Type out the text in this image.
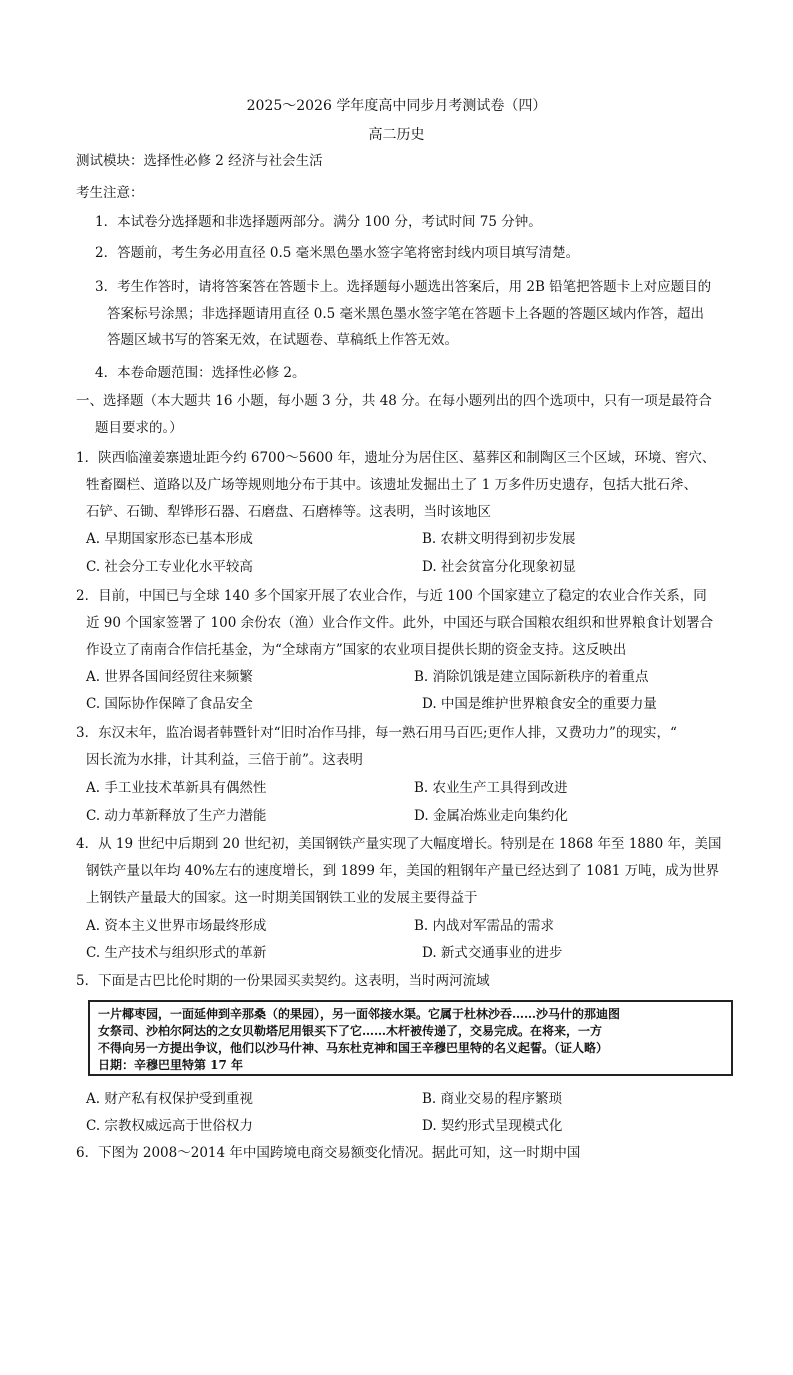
2025～2026 学年度高中同步月考测试卷（四）
高二历史
测试模块：选择性必修 2 经济与社会生活
考生注意：
1．本试卷分选择题和非选择题两部分。满分 100 分，考试时间 75 分钟。
2．答题前，考生务必用直径 0.5 毫米黑色墨水签字笔将密封线内项目填写清楚。
3．考生作答时，请将答案答在答题卡上。选择题每小题选出答案后，用 2B 铅笔把答题卡上对应题目的
答案标号涂黑；非选择题请用直径 0.5 毫米黑色墨水签字笔在答题卡上各题的答题区域内作答，超出
答题区域书写的答案无效，在试题卷、草稿纸上作答无效。
4．本卷命题范围：选择性必修 2。
一、选择题（本大题共 16 小题，每小题 3 分，共 48 分。在每小题列出的四个选项中，只有一项是最符合
题目要求的。）
1．陕西临潼姜寨遗址距今约 6700～5600 年，遗址分为居住区、墓葬区和制陶区三个区域，环境、窖穴、
牲畜圈栏、道路以及广场等规则地分布于其中。该遗址发掘出土了 1 万多件历史遗存，包括大批石斧、
石铲、石锄、犁铧形石器、石磨盘、石磨棒等。这表明，当时该地区
A. 早期国家形态已基本形成	B. 农耕文明得到初步发展
C. 社会分工专业化水平较高	D. 社会贫富分化现象初显
2．目前，中国已与全球 140 多个国家开展了农业合作，与近 100 个国家建立了稳定的农业合作关系，同
近 90 个国家签署了 100 余份农（渔）业合作文件。此外，中国还与联合国粮农组织和世界粮食计划署合
作设立了南南合作信托基金，为“全球南方”国家的农业项目提供长期的资金支持。这反映出
A. 世界各国间经贸往来频繁	B. 消除饥饿是建立国际新秩序的着重点
C. 国际协作保障了食品安全	D. 中国是维护世界粮食安全的重要力量
3．东汉末年，监冶谒者韩暨针对“旧时冶作马排，每一熟石用马百匹;更作人排，又费功力”的现实，“
因长流为水排，计其利益，三倍于前”。这表明
A. 手工业技术革新具有偶然性	B. 农业生产工具得到改进
C. 动力革新释放了生产力潜能	D. 金属冶炼业走向集约化
4．从 19 世纪中后期到 20 世纪初，美国钢铁产量实现了大幅度增长。特别是在 1868 年至 1880 年，美国
钢铁产量以年均 40%左右的速度增长，到 1899 年，美国的粗钢年产量已经达到了 1081 万吨，成为世界
上钢铁产量最大的国家。这一时期美国钢铁工业的发展主要得益于
A. 资本主义世界市场最终形成	B. 内战对军需品的需求
C. 生产技术与组织形式的革新	D. 新式交通事业的进步
5．下面是古巴比伦时期的一份果园买卖契约。这表明，当时两河流域
一片椰枣园，一面延伸到辛那桑（的果园），另一面邻接水渠。它属于杜林沙吞……沙马什的那迪图
女祭司、沙柏尔阿达的之女贝勒塔尼用银买下了它……木杆被传递了，交易完成。在将来，一方
不得向另一方提出争议，他们以沙马什神、马东杜克神和国王辛穆巴里特的名义起誓。（证人略）
日期：辛穆巴里特第 17 年
A. 财产私有权保护受到重视	B. 商业交易的程序繁琐
C. 宗教权威远高于世俗权力	D. 契约形式呈现模式化
6．下图为 2008～2014 年中国跨境电商交易额变化情况。据此可知，这一时期中国
